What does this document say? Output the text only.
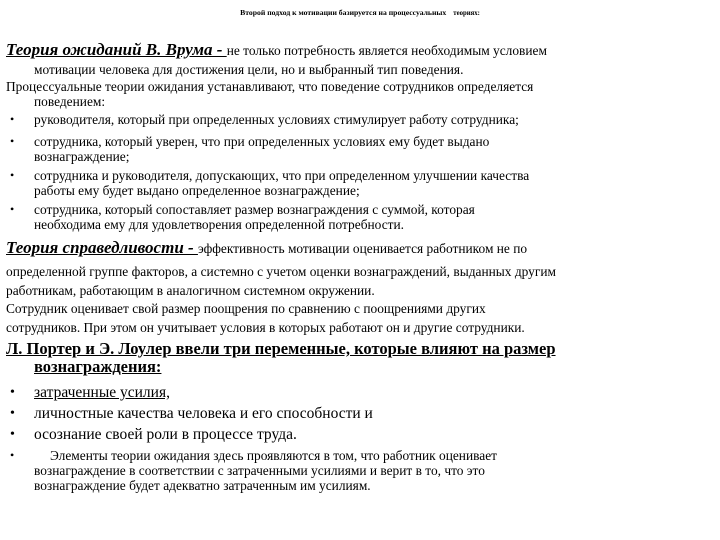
Второй подход к мотивации базируется на процессуальных теориях:
Теория ожиданий В. Врума - не только потребность является необходимым условием
мотивации человека для достижения цели, но и выбранный тип поведения.
Процессуальные теории ожидания устанавливают, что поведение сотрудников определяется
поведением:
• руководителя, который при определенных условиях стимулирует работу сотрудника;
• сотрудника, который уверен, что при определенных условиях ему будет выдано
вознаграждение;
• сотрудника и руководителя, допускающих, что при определенном улучшении качества
работы ему будет выдано определенное вознаграждение;
• сотрудника, который сопоставляет размер вознаграждения с суммой, которая
необходима ему для удовлетворения определенной потребности.
Теория справедливости - эффективность мотивации оценивается работником не по
определенной группе факторов, а системно с учетом оценки вознаграждений, выданных другим
работникам, работающим в аналогичном системном окружении.
Сотрудник оценивает свой размер поощрения по сравнению с поощрениями других
сотрудников. При этом он учитывает условия в которых работают он и другие сотрудники.
Л. Портер и Э. Лоулер ввели три переменные, которые влияют на размер
вознаграждения:
• затраченные усилия,
• личностные качества человека и его способности и
• осознание своей роли в процессе труда.
•	Элементы теории ожидания здесь проявляются в том, что работник оценивает
вознаграждение в соответствии с затраченными усилиями и верит в то, что это
вознаграждение будет адекватно затраченным им усилиям.
